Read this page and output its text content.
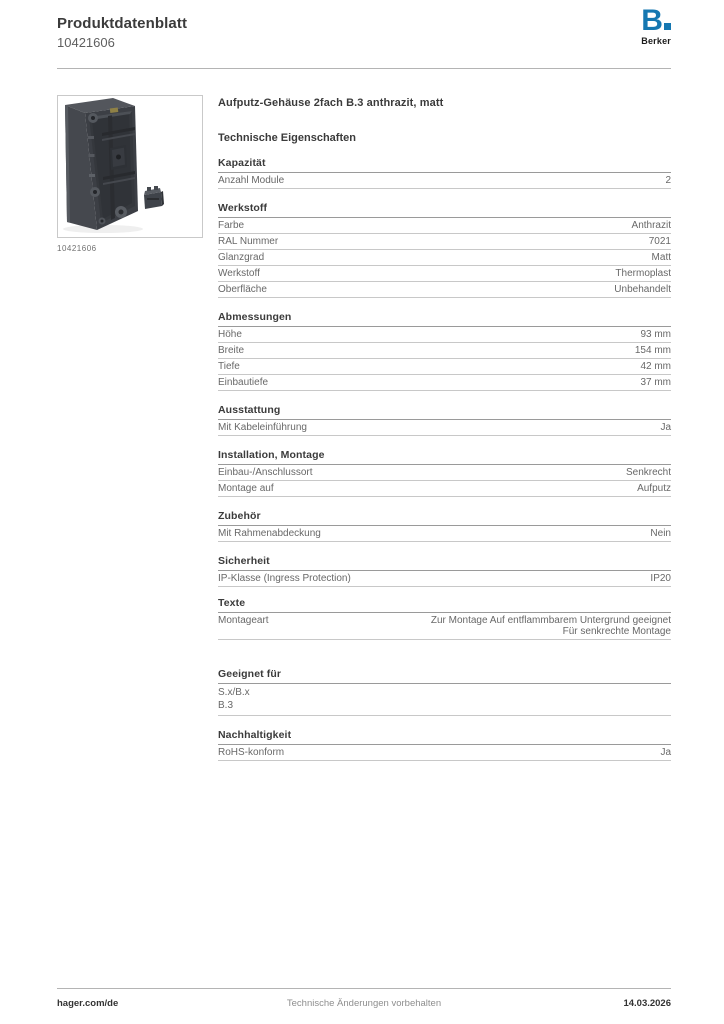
Produktdatenblatt
10421606
B
Berker
10421606
Aufputz-Gehäuse 2fach B.3 anthrazit, matt
Technische Eigenschaften
Kapazität
Anzahl Module	2
Werkstoff
Farbe	Anthrazit
RAL Nummer	7021
Glanzgrad	Matt
Werkstoff	Thermoplast
Oberfläche	Unbehandelt
Abmessungen
Höhe	93 mm
Breite	154 mm
Tiefe	42 mm
Einbautiefe	37 mm
Ausstattung
Mit Kabeleinführung	Ja
Installation, Montage
Einbau-/Anschlussort	Senkrecht
Montage auf	Aufputz
Zubehör
Mit Rahmenabdeckung	Nein
Sicherheit
IP-Klasse (Ingress Protection)	IP20
Texte
Montageart	Zur Montage Auf entflammbarem Untergrund geeignet
Für senkrechte Montage
Geeignet für
S.x/B.x
B.3
Nachhaltigkeit
RoHS-konform	Ja
hager.com/de	Technische Änderungen vorbehalten	14.03.2026
